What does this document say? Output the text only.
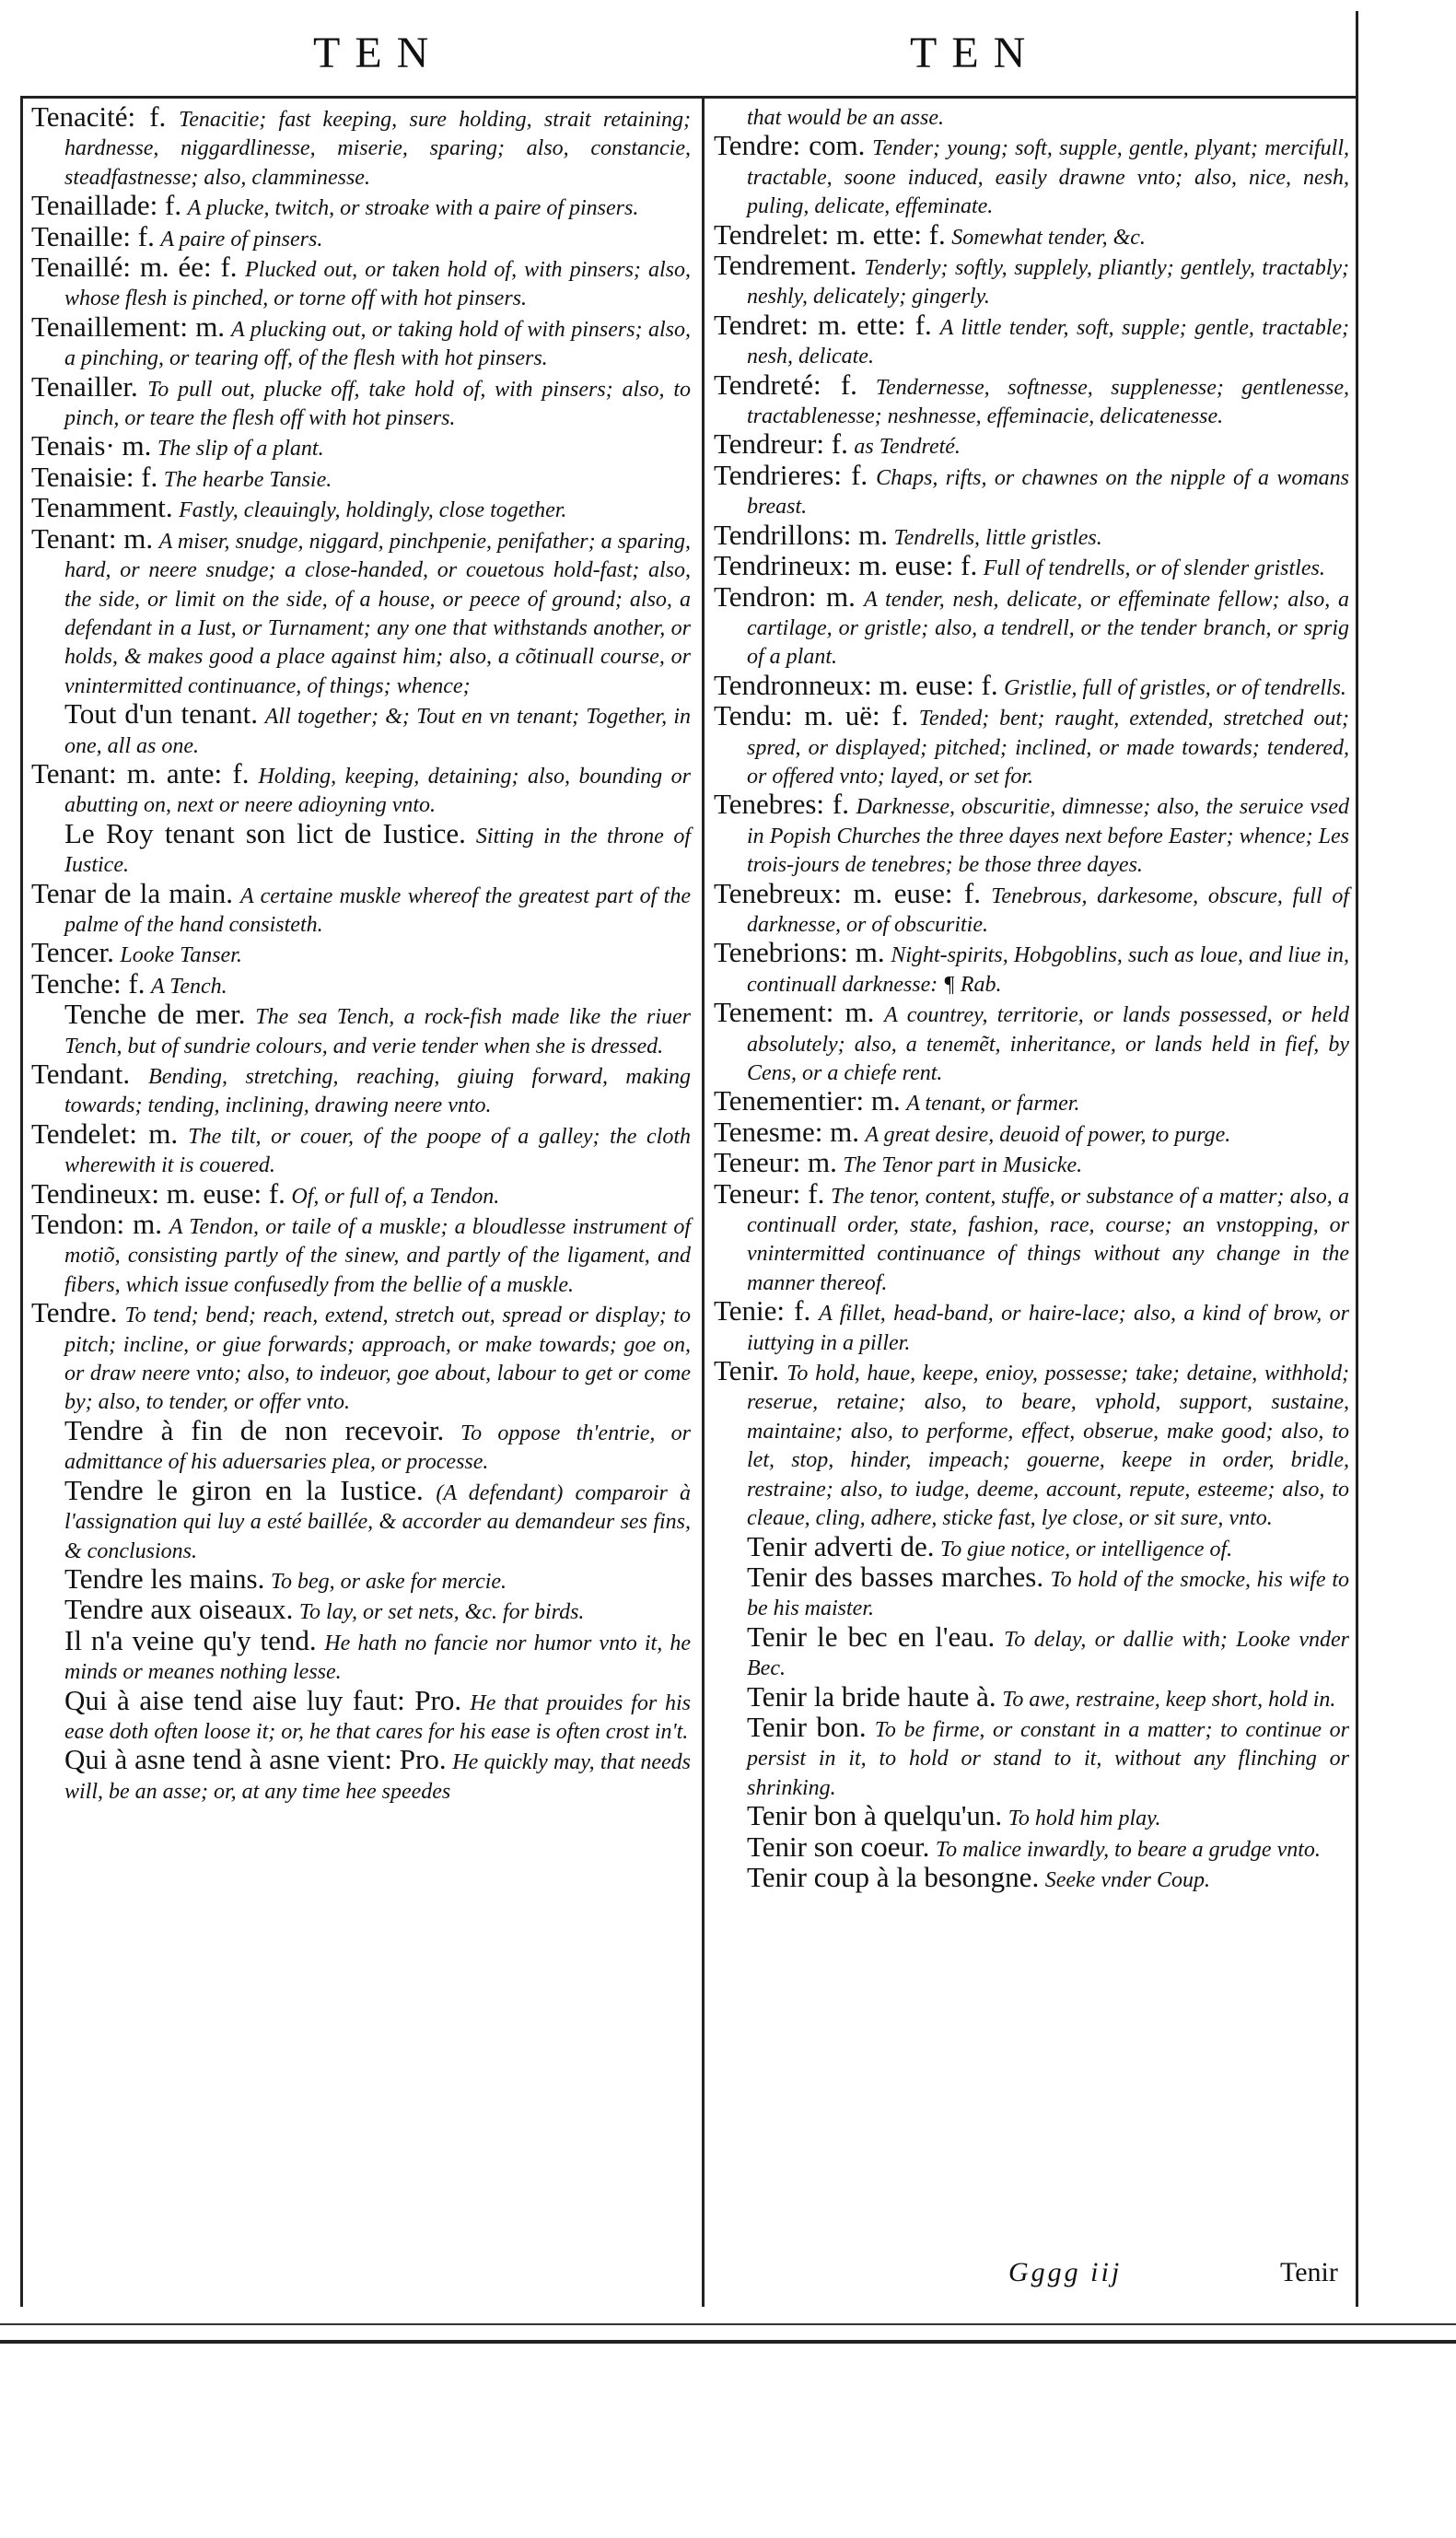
TEN	TEN

Tenacité: f. Tenacitie; fast keeping, sure holding, strait retaining; hardnesse, niggardlinesse, miserie, sparing; also, constancie, steadfastnesse; also, clamminesse.

Tenaillade: f. A plucke, twitch, or stroake with a paire of pinsers.

Tenaille: f. A paire of pinsers.

Tenaillé: m. ée: f. Plucked out, or taken hold of, with pinsers; also, whose flesh is pinched, or torne off with hot pinsers.

Tenaillement: m. A plucking out, or taking hold of with pinsers; also, a pinching, or tearing off, of the flesh with hot pinsers.

Tenailler. To pull out, plucke off, take hold of, with pinsers; also, to pinch, or teare the flesh off with hot pinsers.

Tenais· m. The slip of a plant.

Tenaisie: f. The hearbe Tansie.

Tenamment. Fastly, cleauingly, holdingly, close together.

Tenant: m. A miser, snudge, niggard, pinchpenie, penifather; a sparing, hard, or neere snudge; a close-handed, or couetous hold-fast; also, the side, or limit on the side, of a house, or peece of ground; also, a defendant in a Iust, or Turnament; any one that withstands another, or holds, & makes good a place against him; also, a cõtinuall course, or vnintermitted continuance, of things; whence;

Tout d'un tenant. All together; &; Tout en vn tenant; Together, in one, all as one.

Tenant: m. ante: f. Holding, keeping, detaining; also, bounding or abutting on, next or neere adioyning vnto.

Le Roy tenant son lict de Iustice. Sitting in the throne of Iustice.

Tenar de la main. A certaine muskle whereof the greatest part of the palme of the hand consisteth.

Tencer. Looke Tanser.

Tenche: f. A Tench.

Tenche de mer. The sea Tench, a rock-fish made like the riuer Tench, but of sundrie colours, and verie tender when she is dressed.

Tendant. Bending, stretching, reaching, giuing forward, making towards; tending, inclining, drawing neere vnto.

Tendelet: m. The tilt, or couer, of the poope of a galley; the cloth wherewith it is couered.

Tendineux: m. euse: f. Of, or full of, a Tendon.

Tendon: m. A Tendon, or taile of a muskle; a bloudlesse instrument of motiõ, consisting partly of the sinew, and partly of the ligament, and fibers, which issue confusedly from the bellie of a muskle.

Tendre. To tend; bend; reach, extend, stretch out, spread or display; to pitch; incline, or giue forwards; approach, or make towards; goe on, or draw neere vnto; also, to indeuor, goe about, labour to get or come by; also, to tender, or offer vnto.

Tendre à fin de non recevoir. To oppose th'entrie, or admittance of his aduersaries plea, or processe.

Tendre le giron en la Iustice. (A defendant) comparoir à l'assignation qui luy a esté baillée, & accorder au demandeur ses fins, & conclusions.

Tendre les mains. To beg, or aske for mercie.

Tendre aux oiseaux. To lay, or set nets, &c. for birds.

Il n'a veine qu'y tend. He hath no fancie nor humor vnto it, he minds or meanes nothing lesse.

Qui à aise tend aise luy faut: Pro. He that prouides for his ease doth often loose it; or, he that cares for his ease is often crost in't.

Qui à asne tend à asne vient: Pro. He quickly may, that needs will, be an asse; or, at any time hee speedes

that would be an asse.

Tendre: com. Tender; young; soft, supple, gentle, plyant; mercifull, tractable, soone induced, easily drawne vnto; also, nice, nesh, puling, delicate, effeminate.

Tendrelet: m. ette: f. Somewhat tender, &c.

Tendrement. Tenderly; softly, supplely, pliantly; gentlely, tractably; neshly, delicately; gingerly.

Tendret: m. ette: f. A little tender, soft, supple; gentle, tractable; nesh, delicate.

Tendreté: f. Tendernesse, softnesse, supplenesse; gentlenesse, tractablenesse; neshnesse, effeminacie, delicatenesse.

Tendreur: f. as Tendreté.

Tendrieres: f. Chaps, rifts, or chawnes on the nipple of a womans breast.

Tendrillons: m. Tendrells, little gristles.

Tendrineux: m. euse: f. Full of tendrells, or of slender gristles.

Tendron: m. A tender, nesh, delicate, or effeminate fellow; also, a cartilage, or gristle; also, a tendrell, or the tender branch, or sprig of a plant.

Tendronneux: m. euse: f. Gristlie, full of gristles, or of tendrells.

Tendu: m. uë: f. Tended; bent; raught, extended, stretched out; spred, or displayed; pitched; inclined, or made towards; tendered, or offered vnto; layed, or set for.

Tenebres: f. Darknesse, obscuritie, dimnesse; also, the seruice vsed in Popish Churches the three dayes next before Easter; whence; Les trois-jours de tenebres; be those three dayes.

Tenebreux: m. euse: f. Tenebrous, darkesome, obscure, full of darknesse, or of obscuritie.

Tenebrions: m. Night-spirits, Hobgoblins, such as loue, and liue in, continuall darknesse: ¶ Rab.

Tenement: m. A countrey, territorie, or lands possessed, or held absolutely; also, a tenemẽt, inheritance, or lands held in fief, by Cens, or a chiefe rent.

Tenementier: m. A tenant, or farmer.

Tenesme: m. A great desire, deuoid of power, to purge.

Teneur: m. The Tenor part in Musicke.

Teneur: f. The tenor, content, stuffe, or substance of a matter; also, a continuall order, state, fashion, race, course; an vnstopping, or vnintermitted continuance of things without any change in the manner thereof.

Tenie: f. A fillet, head-band, or haire-lace; also, a kind of brow, or iuttying in a piller.

Tenir. To hold, haue, keepe, enioy, possesse; take; detaine, withhold; reserue, retaine; also, to beare, vphold, support, sustaine, maintaine; also, to performe, effect, obserue, make good; also, to let, stop, hinder, impeach; gouerne, keepe in order, bridle, restraine; also, to iudge, deeme, account, repute, esteeme; also, to cleaue, cling, adhere, sticke fast, lye close, or sit sure, vnto.

Tenir adverti de. To giue notice, or intelligence of.

Tenir des basses marches. To hold of the smocke, his wife to be his maister.

Tenir le bec en l'eau. To delay, or dallie with; Looke vnder Bec.

Tenir la bride haute à. To awe, restraine, keep short, hold in.

Tenir bon. To be firme, or constant in a matter; to continue or persist in it, to hold or stand to it, without any flinching or shrinking.

Tenir bon à quelqu'un. To hold him play.

Tenir son coeur. To malice inwardly, to beare a grudge vnto.

Tenir coup à la besongne. Seeke vnder Coup.

Gggg iij	Tenir
